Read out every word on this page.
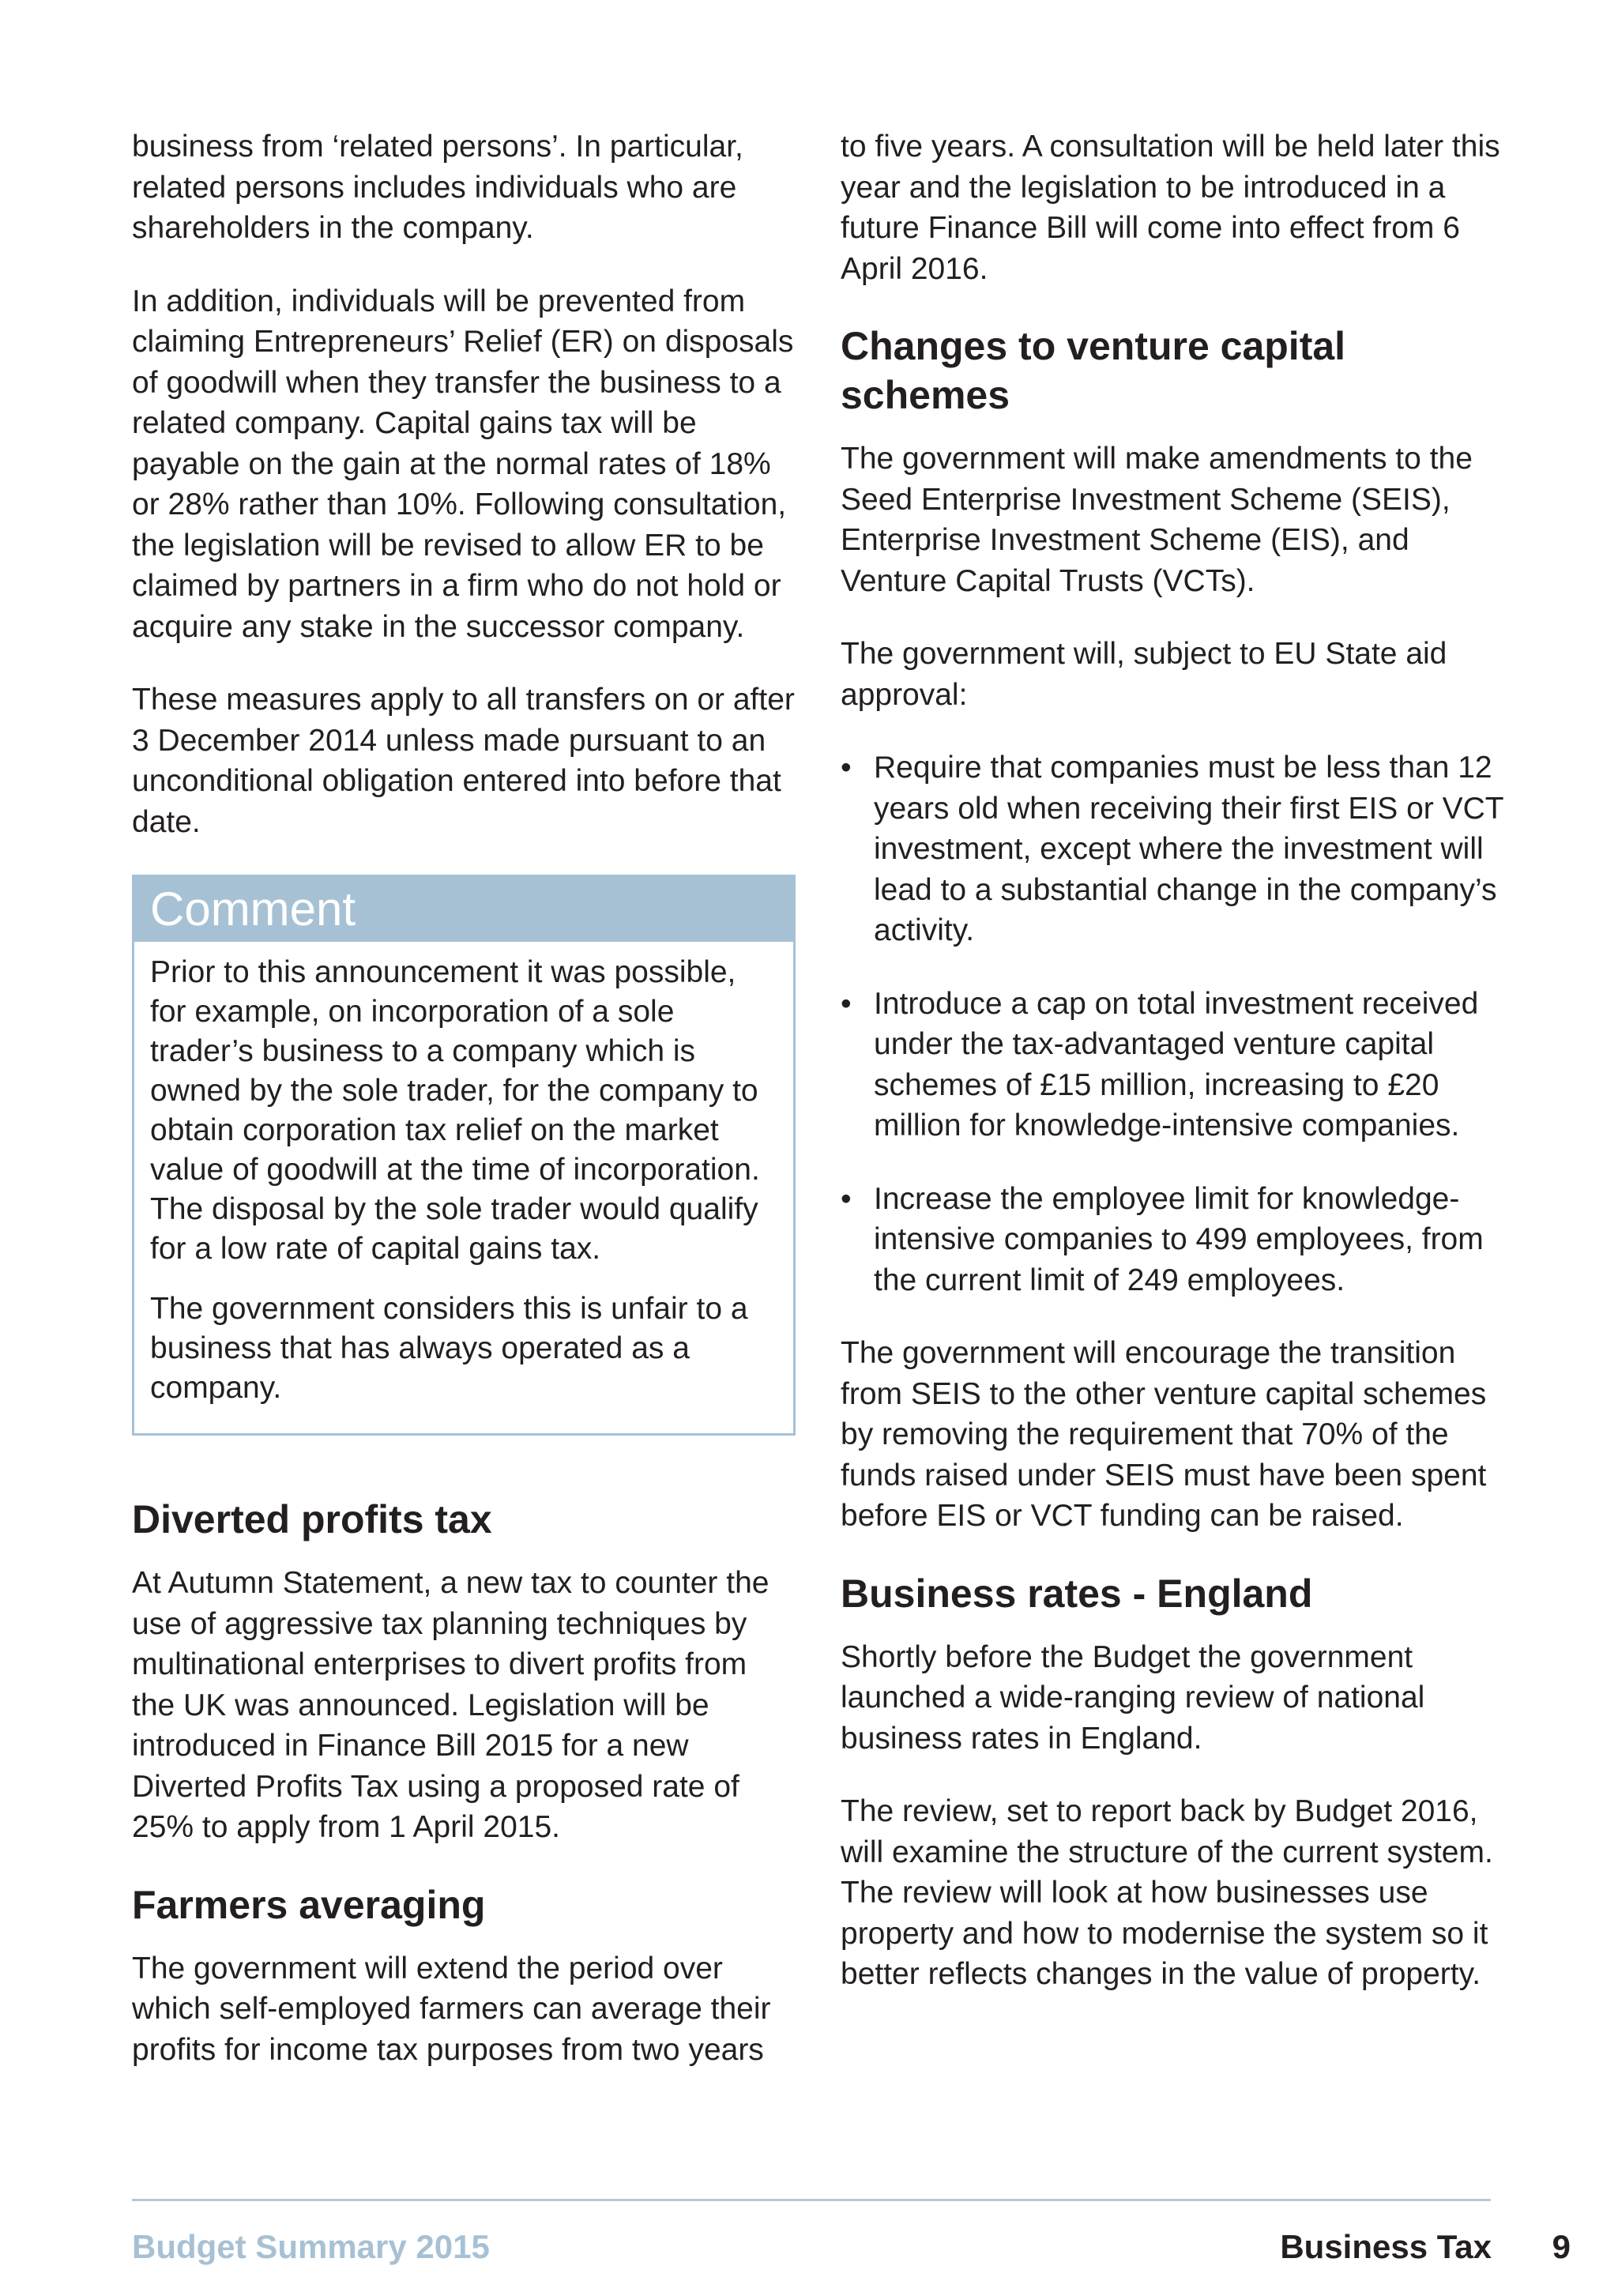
business from ‘related persons’. In particular, related persons includes individuals who are shareholders in the company.

In addition, individuals will be prevented from claiming Entrepreneurs’ Relief (ER) on disposals of goodwill when they transfer the business to a related company. Capital gains tax will be payable on the gain at the normal rates of 18% or 28% rather than 10%. Following consultation, the legislation will be revised to allow ER to be claimed by partners in a firm who do not hold or acquire any stake in the successor company.

These measures apply to all transfers on or after 3 December 2014 unless made pursuant to an unconditional obligation entered into before that date.

Comment

Prior to this announcement it was possible, for example, on incorporation of a sole trader’s business to a company which is owned by the sole trader, for the company to obtain corporation tax relief on the market value of goodwill at the time of incorporation. The disposal by the sole trader would qualify for a low rate of capital gains tax.

The government considers this is unfair to a business that has always operated as a company.

Diverted profits tax

At Autumn Statement, a new tax to counter the use of aggressive tax planning techniques by multinational enterprises to divert profits from the UK was announced. Legislation will be introduced in Finance Bill 2015 for a new Diverted Profits Tax using a proposed rate of 25% to apply from 1 April 2015.

Farmers averaging

The government will extend the period over which self-employed farmers can average their profits for income tax purposes from two years

to five years. A consultation will be held later this year and the legislation to be introduced in a future Finance Bill will come into effect from 6 April 2016.

Changes to venture capital schemes

The government will make amendments to the Seed Enterprise Investment Scheme (SEIS), Enterprise Investment Scheme (EIS), and Venture Capital Trusts (VCTs).

The government will, subject to EU State aid approval:

• Require that companies must be less than 12 years old when receiving their first EIS or VCT investment, except where the investment will lead to a substantial change in the company’s activity.
• Introduce a cap on total investment received under the tax-advantaged venture capital schemes of £15 million, increasing to £20 million for knowledge-intensive companies.
• Increase the employee limit for knowledge-intensive companies to 499 employees, from the current limit of 249 employees.

The government will encourage the transition from SEIS to the other venture capital schemes by removing the requirement that 70% of the funds raised under SEIS must have been spent before EIS or VCT funding can be raised.

Business rates - England

Shortly before the Budget the government launched a wide-ranging review of national business rates in England.

The review, set to report back by Budget 2016, will examine the structure of the current system. The review will look at how businesses use property and how to modernise the system so it better reflects changes in the value of property.

Budget Summary 2015	Business Tax 9
